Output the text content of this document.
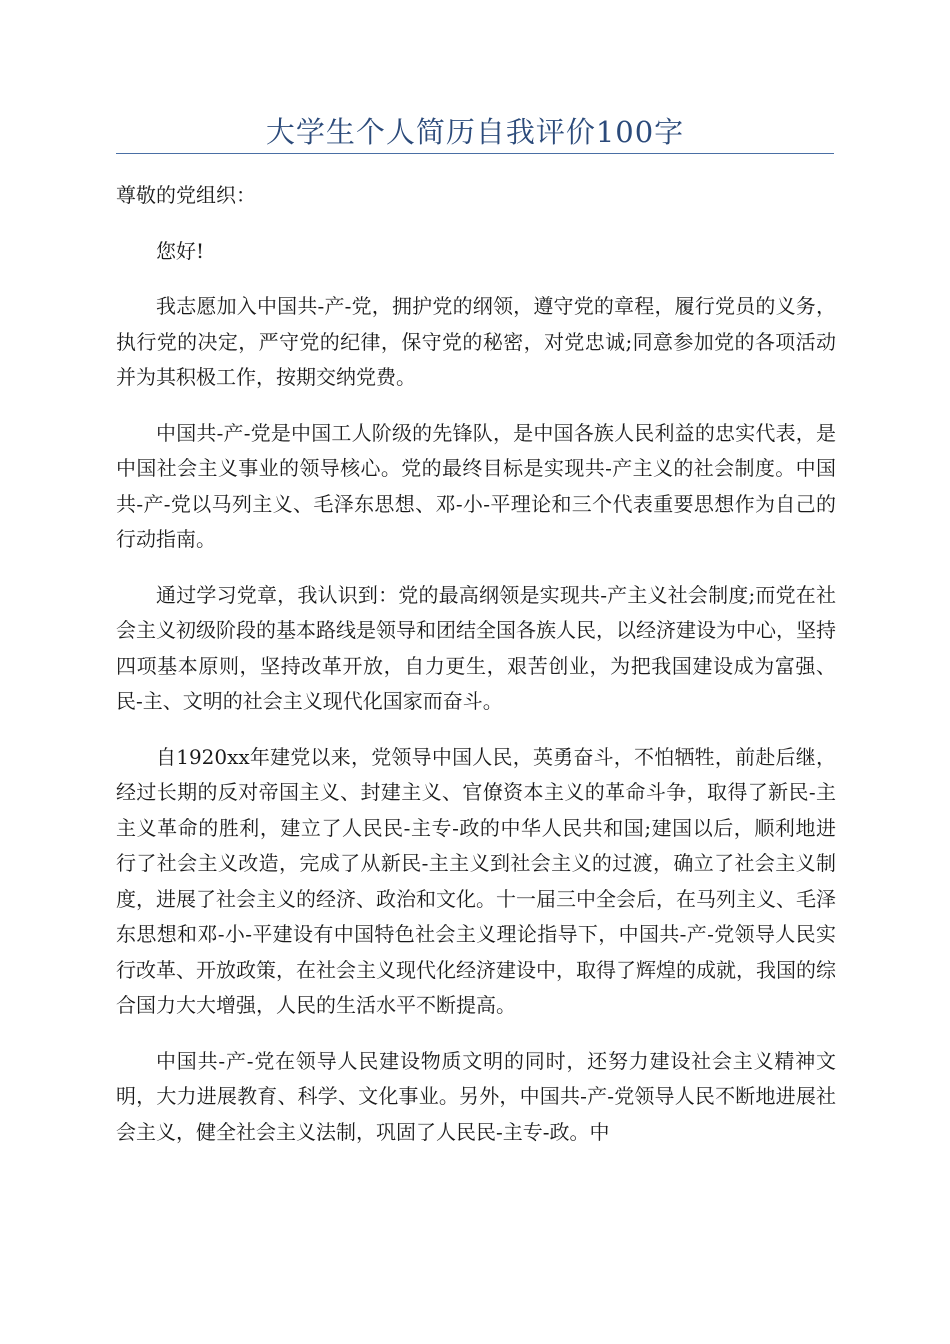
大学生个人简历自我评价100字

尊敬的党组织：

您好!

我志愿加入中国共-产-党，拥护党的纲领，遵守党的章程，履行党员的义务，执行党的决定，严守党的纪律，保守党的秘密，对党忠诚;同意参加党的各项活动并为其积极工作，按期交纳党费。

中国共-产-党是中国工人阶级的先锋队，是中国各族人民利益的忠实代表，是中国社会主义事业的领导核心。党的最终目标是实现共-产主义的社会制度。中国共-产-党以马列主义、毛泽东思想、邓-小-平理论和三个代表重要思想作为自己的行动指南。

通过学习党章，我认识到：党的最高纲领是实现共-产主义社会制度;而党在社会主义初级阶段的基本路线是领导和团结全国各族人民，以经济建设为中心，坚持四项基本原则，坚持改革开放，自力更生，艰苦创业，为把我国建设成为富强、民-主、文明的社会主义现代化国家而奋斗。

自1920xx年建党以来，党领导中国人民，英勇奋斗，不怕牺牲，前赴后继，经过长期的反对帝国主义、封建主义、官僚资本主义的革命斗争，取得了新民-主主义革命的胜利，建立了人民民-主专-政的中华人民共和国;建国以后，顺利地进行了社会主义改造，完成了从新民-主主义到社会主义的过渡，确立了社会主义制度，进展了社会主义的经济、政治和文化。十一届三中全会后，在马列主义、毛泽东思想和邓-小-平建设有中国特色社会主义理论指导下，中国共-产-党领导人民实行改革、开放政策，在社会主义现代化经济建设中，取得了辉煌的成就，我国的综合国力大大增强，人民的生活水平不断提高。

中国共-产-党在领导人民建设物质文明的同时，还努力建设社会主义精神文明，大力进展教育、科学、文化事业。另外，中国共-产-党领导人民不断地进展社会主义，健全社会主义法制，巩固了人民民-主专-政。中
